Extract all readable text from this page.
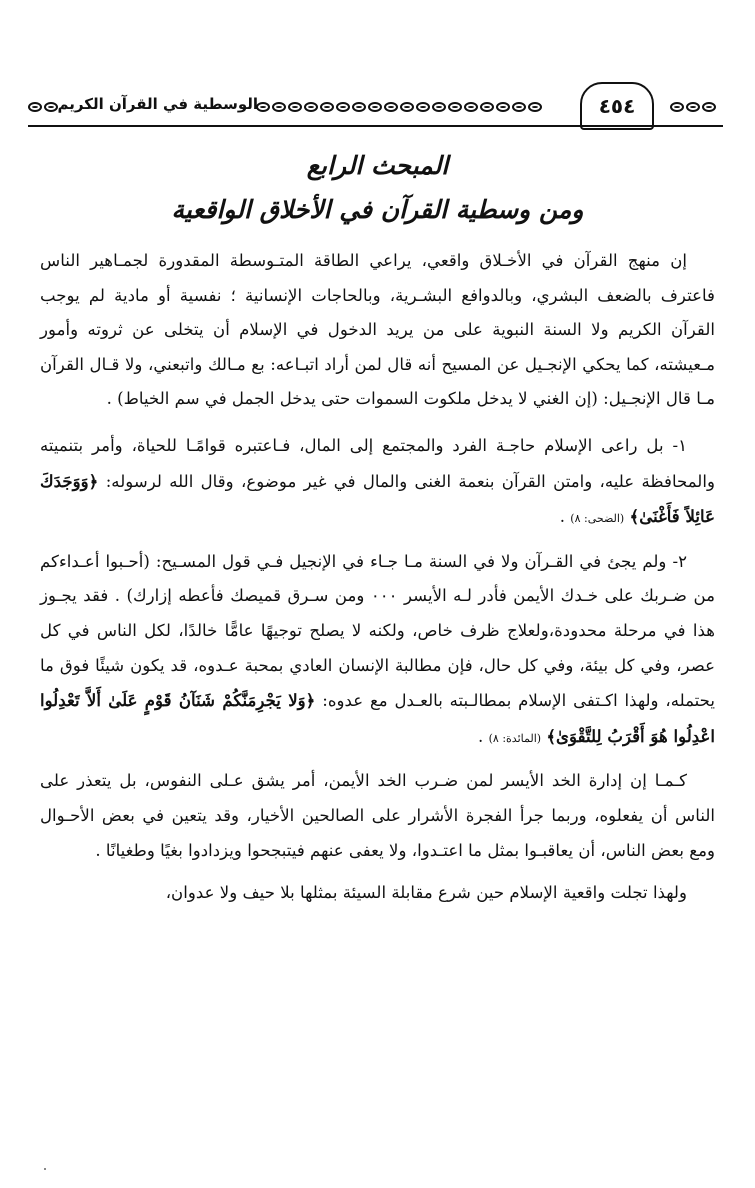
الوسطية في القرآن الكريم	٤٥٤
المبحث الرابع
ومن وسطية القرآن في الأخلاق الواقعية

إن منهج القرآن في الأخـلاق واقعي، يراعي الطاقة المتـوسطة المقدورة لجمـاهير الناس فاعترف بالضعف البشري، وبالدوافع البشـرية، وبالحاجات الإنسانية ؛ نفسية أو مادية لم يوجب القرآن الكريم ولا السنة النبوية على من يريد الدخول في الإسلام أن يتخلى عن ثروته وأمور مـعيشته، كما يحكي الإنجـيل عن المسيح أنه قال لمن أراد اتبـاعه: بع مـالك واتبعني، ولا قـال القرآن مـا قال الإنجـيل: (إن الغني لا يدخل ملكوت السموات حتى يدخل الجمل في سم الخياط) .

١- بل راعى الإسلام حاجـة الفرد والمجتمع إلى المال، فـاعتبره قوامًـا للحياة، وأمر بتنميته والمحافظة عليه، وامتن القرآن بنعمة الغنى والمال في غير موضوع، وقال الله لرسوله: ﴿وَوَجَدَكَ عَائِلاً فَأَغْنَىٰ﴾ (الضحى: ٨) .

٢- ولم يجئ في القـرآن ولا في السنة مـا جـاء في الإنجيل فـي قول المسـيح: (أحـبوا أعـداءكم من ضـربك على خـدك الأيمن فأدر لـه الأيسر ٠٠٠ ومن سـرق قميصك فأعطه إزارك) . فقد يجـوز هذا في مرحلة محدودة،ولعلاج ظرف خاص، ولكنه لا يصلح توجيهًا عامًّا خالدًا، لكل الناس في كل عصر، وفي كل بيئة، وفي كل حال، فإن مطالبة الإنسان العادي بمحبة عـدوه، قد يكون شيئًا فوق ما يحتمله، ولهذا اكـتفى الإسلام بمطالـبته بالعـدل مع عدوه: ﴿وَلا يَجْرِمَنَّكُمْ شَنَآنُ قَوْمٍ عَلَىٰ أَلاَّ تَعْدِلُوا اعْدِلُوا هُوَ أَقْرَبُ لِلتَّقْوَىٰ﴾ (المائدة: ٨) .

كـمـا إن إدارة الخد الأيسر لمن ضـرب الخد الأيمن، أمر يشق عـلى النفوس، بل يتعذر على الناس أن يفعلوه، وربما جرأ الفجرة الأشرار على الصالحين الأخيار، وقد يتعين في بعض الأحـوال ومع بعض الناس، أن يعاقبـوا بمثل ما اعتـدوا، ولا يعفى عنهم فيتبجحوا ويزدادوا بغيًا وطغيانًا .

ولهذا تجلت واقعية الإسلام حين شرع مقابلة السيئة بمثلها بلا حيف ولا عدوان،
